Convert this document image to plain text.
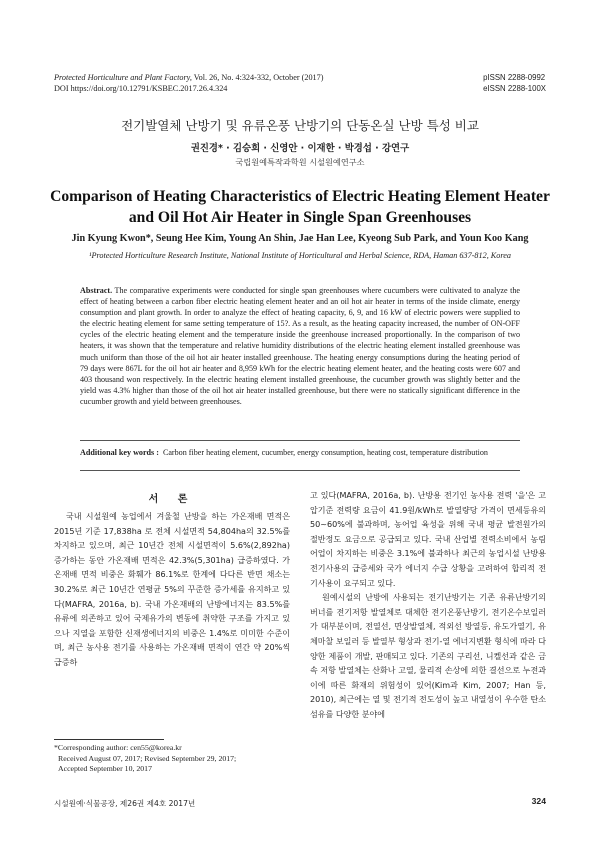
Protected Horticulture and Plant Factory, Vol. 26, No. 4:324-332, October (2017)
DOI https://doi.org/10.12791/KSBEC.2017.26.4.324
pISSN 2288-0992
eISSN 2288-100X
전기발열체 난방기 및 유류온풍 난방기의 단동온실 난방 특성 비교
권진경* · 김승희 · 신영안 · 이재한 · 박경섭 · 강연구
국립원예특작과학원 시설원예연구소
Comparison of Heating Characteristics of Electric Heating Element Heater
and Oil Hot Air Heater in Single Span Greenhouses
Jin Kyung Kwon*, Seung Hee Kim, Young An Shin, Jae Han Lee, Kyeong Sub Park, and Youn Koo Kang
¹Protected Horticulture Research Institute, National Institute of Horticultural and Herbal Science, RDA, Haman 637-812, Korea
Abstract. The comparative experiments were conducted for single span greenhouses where cucumbers were cultivated to analyze the effect of heating between a carbon fiber electric heating element heater and an oil hot air heater in terms of the inside climate, energy consumption and plant growth. In order to analyze the effect of heating capacity, 6, 9, and 16 kW of electric powers were supplied to the electric heating element for same setting temperature of 15?. As a result, as the heating capacity increased, the number of ON-OFF cycles of the electric heating element and the temperature inside the greenhouse increased proportionally. In the comparison of two heaters, it was shown that the temperature and relative humidity distributions of the electric heating element installed greenhouse was much uniform than those of the oil hot air heater installed greenhouse. The heating energy consumptions during the heating period of 79 days were 867L for the oil hot air heater and 8,959 kWh for the electric heating element heater, and the heating costs were 607 and 403 thousand won respectively. In the electric heating element installed greenhouse, the cucumber growth was slightly better and the yield was 4.3% higher than those of the oil hot air heater installed greenhouse, but there were no statically significant difference in the cucumber growth and yield between greenhouses.
Additional key words : Carbon fiber heating element, cucumber, energy consumption, heating cost, temperature distribution
서 론

국내 시설원예 농업에서 겨울철 난방을 하는 가온재배 면적은 2015년 기준 17,838ha 로 전체 시설면적 54,804ha의 32.5%를 차지하고 있으며, 최근 10년간 전체 시설면적이 5.6%(2,892ha) 증가하는 동안 가온재배 면적은 42.3%(5,301ha) 급증하였다. 가온재배 면적 비중은 화훼가 86.1%로 한계에 다다른 반면 채소는 30.2%로 최근 10년간 연평균 5%의 꾸준한 증가세를 유지하고 있다(MAFRA, 2016a, b). 국내 가온재배의 난방에너지는 83.5%를 유류에 의존하고 있어 국제유가의 변동에 취약한 구조를 가지고 있으나 지열을 포함한 신재생에너지의 비중은 1.4%로 미미한 수준이며, 최근 농사용 전기를 사용하는 가온재배 면적이 연간 약 20%씩 급증하

고 있다(MAFRA, 2016a, b). 난방용 전기인 농사용 전력 '을'은 고압기준 전력량 요금이 41.9원/kWh로 발열량당 가격이 면세등유의 50~60%에 불과하며, 농어업 육성을 위해 국내 평균 발전원가의 절반정도 요금으로 공급되고 있다. 국내 산업별 전력소비에서 농림어업이 차지하는 비중은 3.1%에 불과하나 최근의 농업시설 난방용 전기사용의 급증세와 국가 에너지 수급 상황을 고려하여 합리적 전기사용이 요구되고 있다.

원예시설의 난방에 사용되는 전기난방기는 기존 유류난방기의 버너를 전기저항 발열체로 대체한 전기온풍난방기, 전기온수보일러가 대부분이며, 전열선, 면상발열체, 적외선 방열등, 유도가열기, 유체마찰 보일러 등 발열부 형상과 전기-열 에너지변환 형식에 따라 다양한 제품이 개발, 판매되고 있다. 기존의 구리선, 니켈선과 같은 금속 저항 발열체는 산화나 고열, 물리적 손상에 의한 결선으로 누전과 이에 따른 화재의 위험성이 있어(Kim과 Kim, 2007; Han 등, 2010), 최근에는 열 및 전기적 전도성이 높고 내열성이 우수한 탄소섬유를 다양한 분야에

*Corresponding author: cen55@korea.kr
Received August 07, 2017; Revised September 29, 2017;
Accepted September 10, 2017
시설원예·식물공장, 제26권 제4호 2017년	324
